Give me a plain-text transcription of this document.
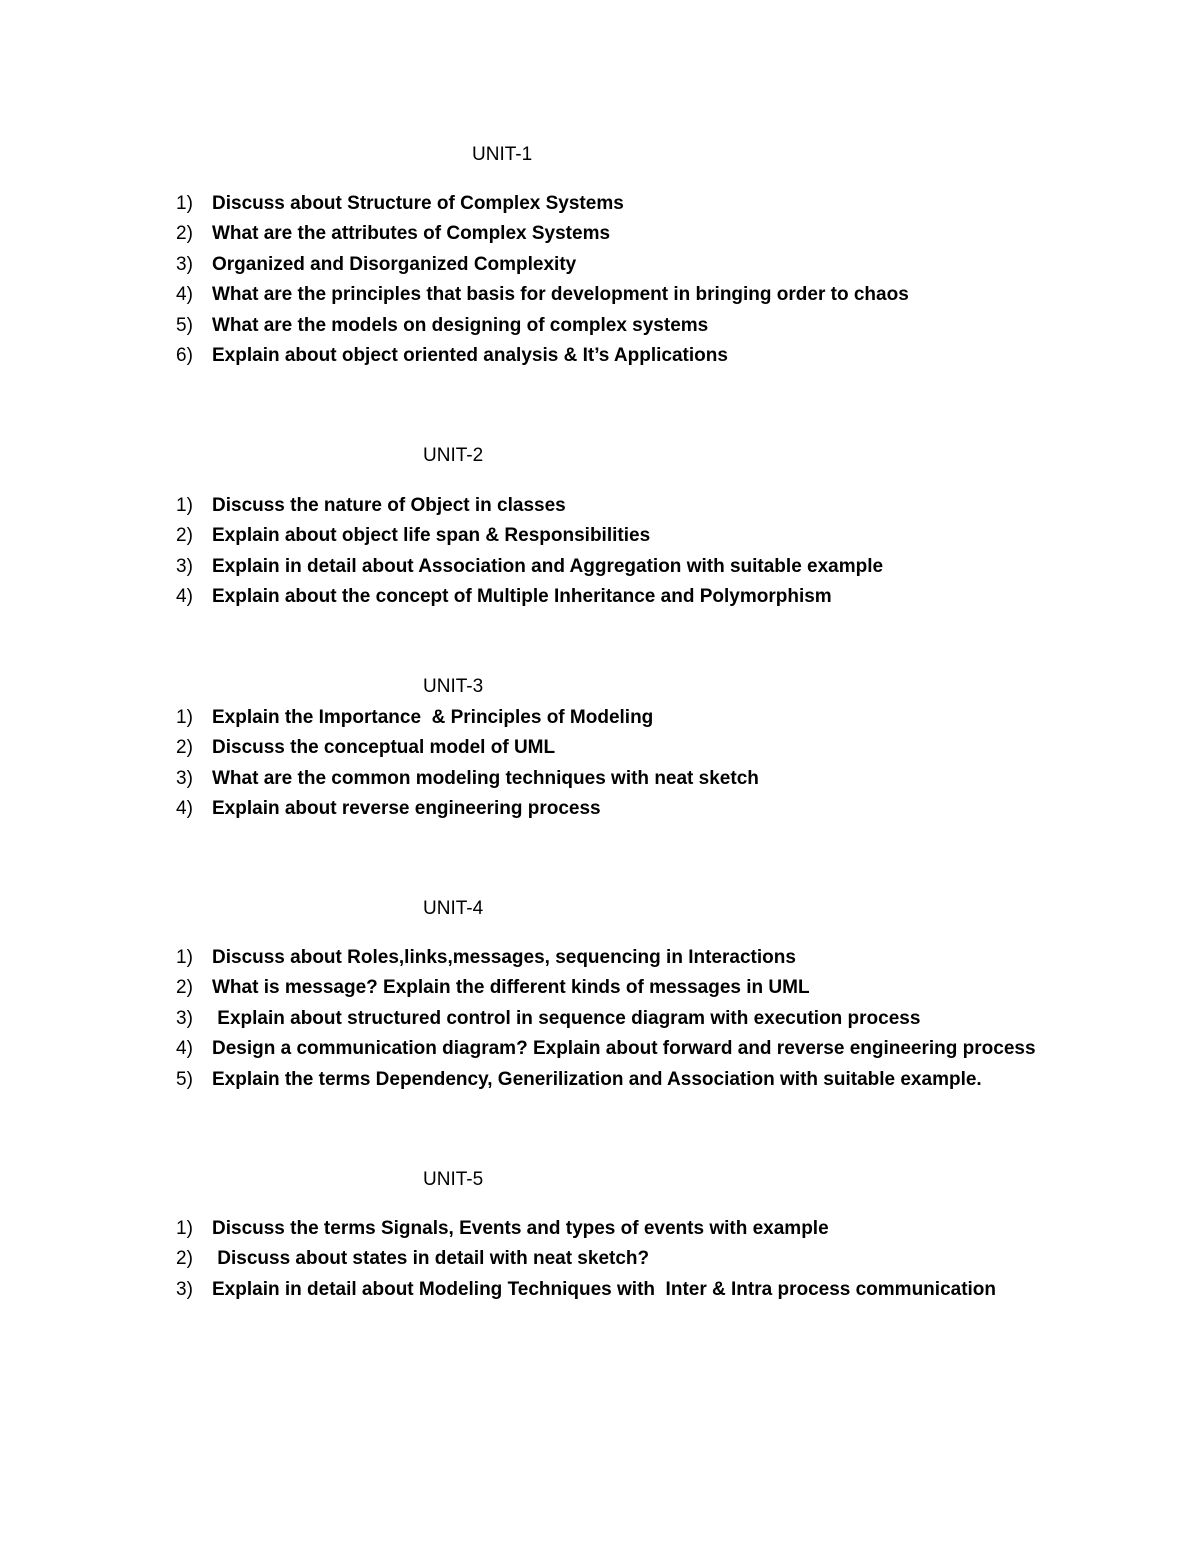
UNIT-1
1)	Discuss about Structure of Complex Systems
2)	What are the attributes of Complex Systems
3)	Organized and Disorganized Complexity
4)	What are the principles that basis for development in bringing order to chaos
5)	What are the models on designing of complex systems
6)	Explain about object oriented analysis & It’s Applications
UNIT-2
1)	Discuss the nature of Object in classes
2)	Explain about object life span & Responsibilities
3)	Explain in detail about Association and Aggregation with suitable example
4)	Explain about the concept of Multiple Inheritance and Polymorphism
UNIT-3
1)	Explain the Importance  & Principles of Modeling
2)	Discuss the conceptual model of UML
3)	What are the common modeling techniques with neat sketch
4)	Explain about reverse engineering process
UNIT-4
1)	Discuss about Roles,links,messages, sequencing in Interactions
2)	What is message? Explain the different kinds of messages in UML
3)	Explain about structured control in sequence diagram with execution process
4)	Design a communication diagram? Explain about forward and reverse engineering process
5)	Explain the terms Dependency, Generilization and Association with suitable example.
UNIT-5
1)	Discuss the terms Signals, Events and types of events with example
2)	Discuss about states in detail with neat sketch?
3)	Explain in detail about Modeling Techniques with  Inter & Intra process communication
